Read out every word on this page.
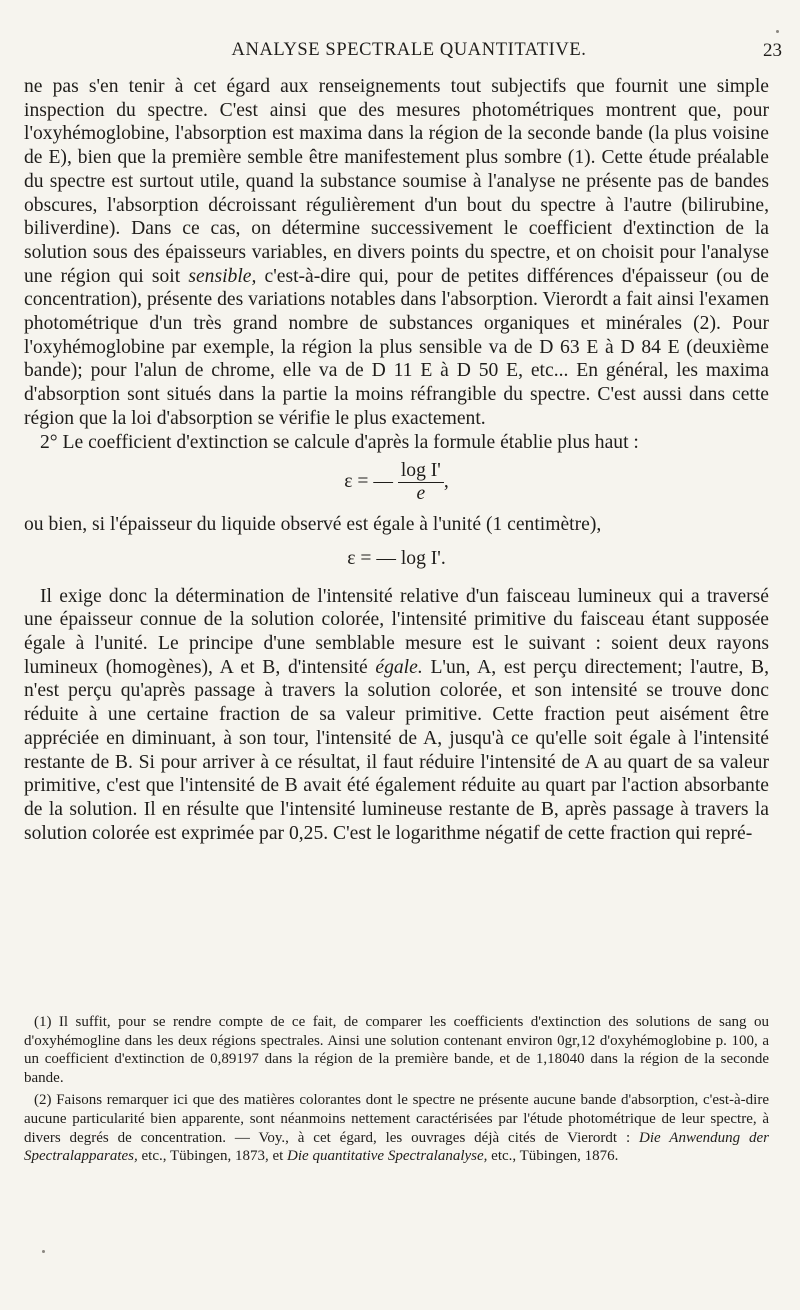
ANALYSE SPECTRALE QUANTITATIVE.	23

ne pas s'en tenir à cet égard aux renseignements tout subjectifs que fournit une simple inspection du spectre. C'est ainsi que des mesures photométriques montrent que, pour l'oxyhémoglobine, l'absorption est maxima dans la région de la seconde bande (la plus voisine de E), bien que la première semble être manifestement plus sombre (1). Cette étude préalable du spectre est surtout utile, quand la substance soumise à l'analyse ne présente pas de bandes obscures, l'absorption décroissant régulièrement d'un bout du spectre à l'autre (bilirubine, biliverdine). Dans ce cas, on détermine successivement le coefficient d'extinction de la solution sous des épaisseurs variables, en divers points du spectre, et on choisit pour l'analyse une région qui soit sensible, c'est-à-dire qui, pour de petites différences d'épaisseur (ou de concentration), présente des variations notables dans l'absorption. Vierordt a fait ainsi l'examen photométrique d'un très grand nombre de substances organiques et minérales (2). Pour l'oxyhémoglobine par exemple, la région la plus sensible va de D 63 E à D 84 E (deuxième bande); pour l'alun de chrome, elle va de D 11 E à D 50 E, etc... En général, les maxima d'absorption sont situés dans la partie la moins réfrangible du spectre. C'est aussi dans cette région que la loi d'absorption se vérifie le plus exactement.

2° Le coefficient d'extinction se calcule d'après la formule établie plus haut :

ε = — $\frac{\text{log I'}}{e}$ ,

ou bien, si l'épaisseur du liquide observé est égale à l'unité (1 centimètre),

ε = — log I'.

Il exige donc la détermination de l'intensité relative d'un faisceau lumineux qui a traversé une épaisseur connue de la solution colorée, l'intensité primitive du faisceau étant supposée égale à l'unité. Le principe d'une semblable mesure est le suivant : soient deux rayons lumineux (homogènes), A et B, d'intensité égale. L'un, A, est perçu directement; l'autre, B, n'est perçu qu'après passage à travers la solution colorée, et son intensité se trouve donc réduite à une certaine fraction de sa valeur primitive. Cette fraction peut aisément être appréciée en diminuant, à son tour, l'intensité de A, jusqu'à ce qu'elle soit égale à l'intensité restante de B. Si pour arriver à ce résultat, il faut réduire l'intensité de A au quart de sa valeur primitive, c'est que l'intensité de B avait été également réduite au quart par l'action absorbante de la solution. Il en résulte que l'intensité lumineuse restante de B, après passage à travers la solution colorée est exprimée par 0,25. C'est le logarithme négatif de cette fraction qui repré-

(1) Il suffit, pour se rendre compte de ce fait, de comparer les coefficients d'extinction des solutions de sang ou d'oxyhémogline dans les deux régions spectrales. Ainsi une solution contenant environ 0gr,12 d'oxyhémoglobine p. 100, a un coefficient d'extinction de 0,89197 dans la région de la première bande, et de 1,18040 dans la région de la seconde bande.

(2) Faisons remarquer ici que des matières colorantes dont le spectre ne présente aucune bande d'absorption, c'est-à-dire aucune particularité bien apparente, sont néanmoins nettement caractérisées par l'étude photométrique de leur spectre, à divers degrés de concentration. — Voy., à cet égard, les ouvrages déjà cités de Vierordt : Die Anwendung der Spectralapparates, etc., Tübingen, 1873, et Die quantitative Spectralanalyse, etc., Tübingen, 1876.
